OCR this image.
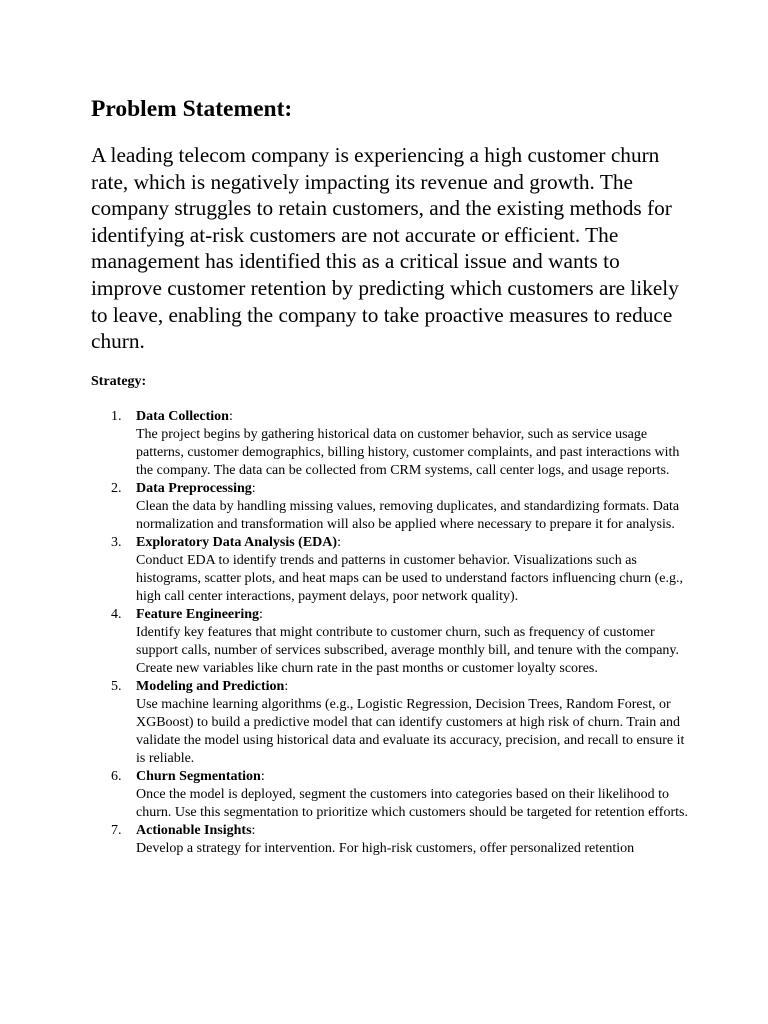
Problem Statement:

A leading telecom company is experiencing a high customer churn rate, which is negatively impacting its revenue and growth. The company struggles to retain customers, and the existing methods for identifying at-risk customers are not accurate or efficient. The management has identified this as a critical issue and wants to improve customer retention by predicting which customers are likely to leave, enabling the company to take proactive measures to reduce churn.

Strategy:
1. Data Collection:
The project begins by gathering historical data on customer behavior, such as service usage patterns, customer demographics, billing history, customer complaints, and past interactions with the company. The data can be collected from CRM systems, call center logs, and usage reports.
2. Data Preprocessing:
Clean the data by handling missing values, removing duplicates, and standardizing formats. Data normalization and transformation will also be applied where necessary to prepare it for analysis.
3. Exploratory Data Analysis (EDA):
Conduct EDA to identify trends and patterns in customer behavior. Visualizations such as histograms, scatter plots, and heat maps can be used to understand factors influencing churn (e.g., high call center interactions, payment delays, poor network quality).
4. Feature Engineering:
Identify key features that might contribute to customer churn, such as frequency of customer support calls, number of services subscribed, average monthly bill, and tenure with the company. Create new variables like churn rate in the past months or customer loyalty scores.
5. Modeling and Prediction:
Use machine learning algorithms (e.g., Logistic Regression, Decision Trees, Random Forest, or XGBoost) to build a predictive model that can identify customers at high risk of churn. Train and validate the model using historical data and evaluate its accuracy, precision, and recall to ensure it is reliable.
6. Churn Segmentation:
Once the model is deployed, segment the customers into categories based on their likelihood to churn. Use this segmentation to prioritize which customers should be targeted for retention efforts.
7. Actionable Insights:
Develop a strategy for intervention. For high-risk customers, offer personalized retention
